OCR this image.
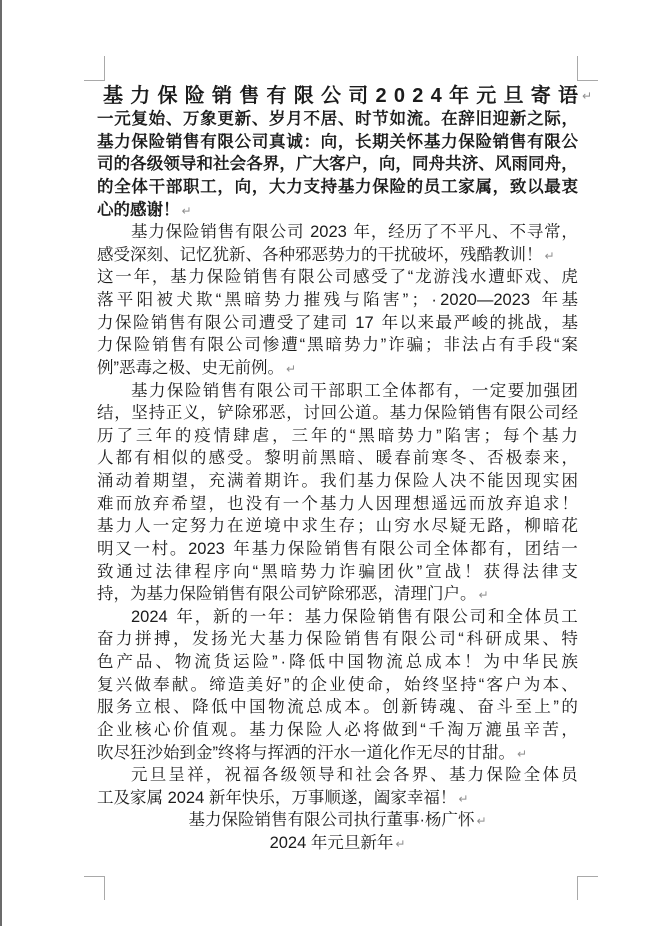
基 力 保 险 销 售 有 限 公 司 2 0 2 4 年 元 旦 寄 语 ↵
一 元 复 始 、 万 象 更 新 、 岁 月 不 居 、 时 节 如 流 。 在 辞 旧 迎 新 之 际 ，
基 力 保 险 销 售 有 限 公 司 真 诚 ： 向 ， 长 期 关 怀 基 力 保 险 销 售 有 限 公
司 的 各 级 领 导 和 社 会 各 界 ， 广 大 客 户 ， 向 ， 同 舟 共 济 、 风 雨 同 舟 ，
的 全 体 干 部 职 工 ， 向 ， 大 力 支 持 基 力 保 险 的 员 工 家 属 ， 致 以 最 衷
心的感谢！ ↵
基 力 保 险 销 售 有 限 公 司 2023 年 ， 经 历 了 不 平 凡 、 不 寻 常 ，
感受深刻、记忆犹新、各种邪恶势力的干扰破坏，残酷教训！ ↵
这 一 年 ， 基 力 保 险 销 售 有 限 公 司 感 受 了 “ 龙 游 浅 水 遭 虾 戏 、 虎
落 平 阳 被 犬 欺 “ 黑 暗 势 力 摧 残 与 陷 害 ” ； · 2020—2023 年 基
力 保 险 销 售 有 限 公 司 遭 受 了 建 司 17 年 以 来 最 严 峻 的 挑 战 ， 基
力 保 险 销 售 有 限 公 司 惨 遭 “ 黑 暗 势 力 ” 诈 骗 ； 非 法 占 有 手 段 “ 案
例”恶毒之极、史无前例。 ↵
基 力 保 险 销 售 有 限 公 司 干 部 职 工 全 体 都 有 ， 一 定 要 加 强 团
结 ， 坚 持 正 义 ， 铲 除 邪 恶 ， 讨 回 公 道 。 基 力 保 险 销 售 有 限 公 司 经
历 了 三 年 的 疫 情 肆 虐 ， 三 年 的 “ 黑 暗 势 力 ” 陷 害 ； 每 个 基 力
人 都 有 相 似 的 感 受 。 黎 明 前 黑 暗 、 暖 春 前 寒 冬 、 否 极 泰 来 ，
涌 动 着 期 望 ， 充 满 着 期 许 。 我 们 基 力 保 险 人 决 不 能 因 现 实 困
难 而 放 弃 希 望 ， 也 没 有 一 个 基 力 人 因 理 想 遥 远 而 放 弃 追 求 ！
基 力 人 一 定 努 力 在 逆 境 中 求 生 存 ； 山 穷 水 尽 疑 无 路 ， 柳 暗 花
明 又 一 村 。 2023 年 基 力 保 险 销 售 有 限 公 司 全 体 都 有 ， 团 结 一
致 通 过 法 律 程 序 向 “ 黑 暗 势 力 诈 骗 团 伙 ” 宣 战 ！ 获 得 法 律 支
持，为基力保险销售有限公司铲除邪恶，清理门户。 ↵
2024 年 ， 新 的 一 年 ： 基 力 保 险 销 售 有 限 公 司 和 全 体 员 工
奋 力 拼 搏 ， 发 扬 光 大 基 力 保 险 销 售 有 限 公 司 “ 科 研 成 果 、 特
色 产 品 、 物 流 货 运 险 ” · 降 低 中 国 物 流 总 成 本 ！ 为 中 华 民 族
复 兴 做 奉 献 。 缔 造 美 好 ” 的 企 业 使 命 ， 始 终 坚 持 “ 客 户 为 本 、
服 务 立 根 、 降 低 中 国 物 流 总 成 本 。 创 新 铸 魂 、 奋 斗 至 上 ” 的
企 业 核 心 价 值 观 。 基 力 保 险 人 必 将 做 到 “ 千 淘 万 漉 虽 辛 苦 ，
吹尽狂沙始到金”终将与挥洒的汗水一道化作无尽的甘甜。 ↵
元 旦 呈 祥 ， 祝 福 各 级 领 导 和 社 会 各 界 、 基 力 保 险 全 体 员
工及家属 2024 新年快乐，万事顺遂，阖家幸福！ ↵
基力保险销售有限公司执行董事·杨广怀 ↵
2024 年元旦新年 ↵
